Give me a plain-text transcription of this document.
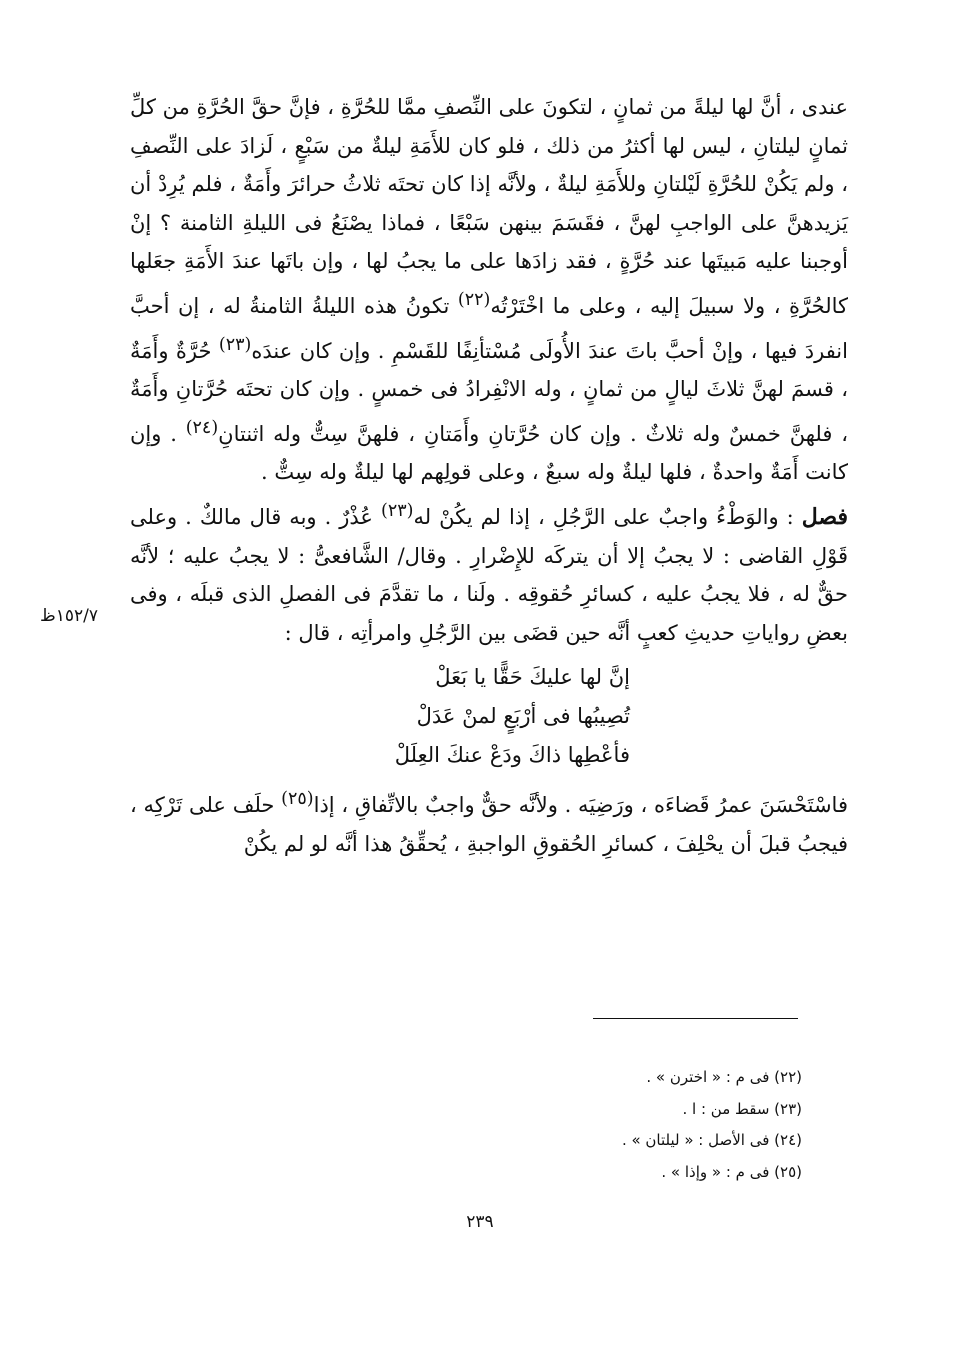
عندى ، أنَّ لها ليلةً من ثمانٍ ، لتكونَ على النِّصفِ ممَّا للحُرَّةِ ، فإنَّ حقَّ الحُرَّةِ من كلِّ ثمانٍ ليلتانِ ، ليس لها أكثرُ من ذلك ، فلو كان للأَمَةِ ليلةٌ من سَبْعٍ ، لَزادَ على النِّصفِ ، ولم يَكُنْ للحُرَّةِ لَيْلتانِ وللأَمَةِ ليلةٌ ، ولأنَّه إذا كان تحتَه ثلاثُ حرائرَ وأَمَةٌ ، فلم يُرِدْ أن يَزيدهنَّ على الواجبِ لهنَّ ، فقَسَمَ بينهن سَبْعًا ، فماذا يصْنَعُ فى الليلةِ الثامنة ؟ إنْ أوجبنا عليه مَبيتَها عند حُرَّةٍ ، فقد زادَها على ما يجبُ لها ، وإن باتَها عندَ الأَمَةِ جعَلها كالحُرَّةِ ، ولا سبيلَ إليه ، وعلى ما اخْتَرْتُه$^{(٢٢)}$ تكونُ هذه الليلةُ الثامنةُ له ، إن أحبَّ انفردَ فيها ، وإنْ أحبَّ باتَ عندَ الأُولَى مُسْتأنِفًا للقَسْمِ . وإن كان عندَه$^{(٢٣)}$ حُرَّةٌ وأَمَةٌ ، قسمَ لهنَّ ثلاثَ ليالٍ من ثمانٍ ، وله الانْفِرادُ فى خمسٍ . وإن كان تحتَه حُرَّتانِ وأَمَةٌ ، فلهنَّ خمسٌ وله ثلاثٌ . وإن كان حُرَّتانِ وأَمَتانِ ، فلهنَّ سِتٌّ وله اثنتانِ$^{(٢٤)}$ . وإن كانت أَمَةٌ واحدةٌ ، فلها ليلةٌ وله سبعٌ ، وعلى قولِهم لها ليلةٌ وله سِتٌّ .

فصل : والوَطْءُ واجبٌ على الرَّجُلِ ، إذا لم يكُنْ له$^{(٢٣)}$ عُذْرٌ . وبه قال مالكٌ . وعلى قَوْلِ القاضى : لا يجبُ إلا أن يتركَه للإِضْرارِ . وقال/ الشَّافعىُّ : لا يجبُ عليه ؛ لأنَّه حقٌّ له ، فلا يجبُ عليه ، كسائرِ حُقوقِه . ولَنا ، ما تقدَّمَ فى الفصلِ الذى قبلَه ، وفى بعضِ رواياتِ حديثِ كعبٍ أنَّه حين قضَى بين الرَّجُلِ وامرأتِه ، قال :

إنَّ لها عليكَ حَقًّا يا بَعَلْ
تُصِيبُها فى أرْبَعٍ لمنْ عَدَلْ
فأعْطِها ذاكَ ودَعْ عنكَ العِلَلْ

فاسْتَحْسَنَ عمرُ قَضاءَه ، ورَضِيَه . ولأنَّه حقٌّ واجبٌ بالاتِّفاقِ ، إذا$^{(٢٥)}$ حلَف على تَرْكِه ، فيجبُ قبلَ أن يحْلِفَ ، كسائرِ الحُقوقِ الواجبةِ ، يُحقِّقُ هذا أنَّه لو لم يكُنْ

١٥٢/٧ظ
(٢٢) فى م : « اخترن » .
(٢٣) سقط من : ا .
(٢٤) فى الأصل : « ليلتان » .
(٢٥) فى م : « وإذا » .
٢٣٩
